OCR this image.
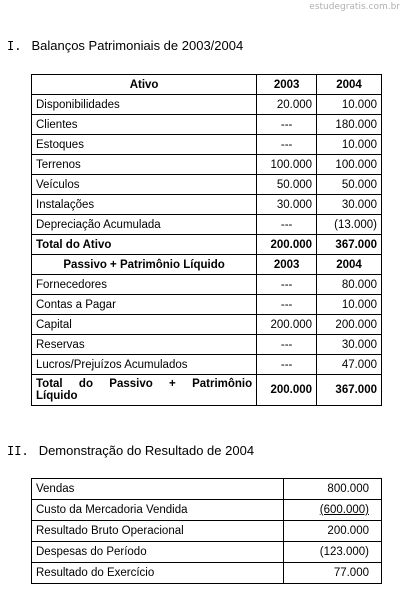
estudegratis.com.br
I. Balanços Patrimoniais de 2003/2004
Ativo	2003	2004
Disponibilidades	20.000	10.000
Clientes	---	180.000
Estoques	---	10.000
Terrenos	100.000	100.000
Veículos	50.000	50.000
Instalações	30.000	30.000
Depreciação Acumulada	---	(13.000)
Total do Ativo	200.000	367.000
Passivo + Patrimônio Líquido	2003	2004
Fornecedores	---	80.000
Contas a Pagar	---	10.000
Capital	200.000	200.000
Reservas	---	30.000
Lucros/Prejuízos Acumulados	---	47.000

Total do Passivo + Patrimônio
Líquido	200.000	367.000
II. Demonstração do Resultado de 2004
Vendas	800.000
Custo da Mercadoria Vendida	(600.000)
Resultado Bruto Operacional	200.000
Despesas do Período	(123.000)
Resultado do Exercício	77.000
